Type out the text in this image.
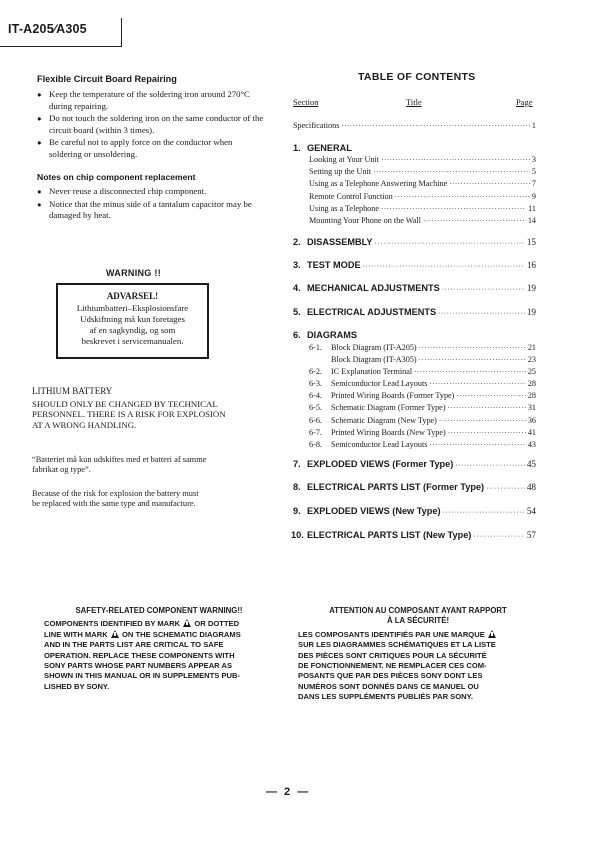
IT-A205∕A305
Flexible Circuit Board Repairing
● Keep the temperature of the soldering iron around 270°C during repairing.
● Do not touch the soldering iron on the same conductor of the circuit board (within 3 times).
● Be careful not to apply force on the conductor when soldering or unsoldering.
Notes on chip component replacement
● Never reuse a disconnected chip component.
● Notice that the minus side of a tantalum capacitor may be damaged by heat.
WARNING !!
ADVARSEL!
Lithiumbatteri–Eksplosionsfare
Udskiftning må kun foretages
af en sagkyndig, og som
beskrevet i servicemanualen.
LITHIUM BATTERY
SHOULD ONLY BE CHANGED BY TECHNICAL
PERSONNEL. THERE IS A RISK FOR EXPLOSION
AT A WRONG HANDLING.
“Batteriet må kun udskiftes med et batteri af samme
fabrikat og type”.
Because of the risk for explosion the battery must
be replaced with the same type and manufacture.
TABLE OF CONTENTS
Section	Title	Page
Specifications ·····	1
1. GENERAL
Looking at Your Unit ·····	3
Setting up the Unit ·····	5
Using as a Telephone Answering Machine ·····	7
Remote Control Function ·····	9
Using as a Telephone ·····	11
Mounting Your Phone on the Wall ·····	14
2. DISASSEMBLY ·····	15
3. TEST MODE ·····	16
4. MECHANICAL ADJUSTMENTS ·····	19
5. ELECTRICAL ADJUSTMENTS ·····	19
6. DIAGRAMS
6-1.	Block Diagram (IT-A205) ·····	21
Block Diagram (IT-A305) ·····	23
6-2.	IC Explanation Terminal ·····	25
6-3.	Semiconductor Lead Layouts ·····	28
6-4.	Printed Wiring Boards (Former Type) ·····	28
6-5.	Schematic Diagram (Former Type) ·····	31
6-6.	Schematic Diagram (New Type) ·····	36
6-7.	Printed Wiring Boards (New Type) ·····	41
6-8.	Semiconductor Lead Layouts ·····	43
7. EXPLODED VIEWS (Former Type) ·····	45
8. ELECTRICAL PARTS LIST (Former Type) ·····	48
9. EXPLODED VIEWS (New Type) ·····	54
10. ELECTRICAL PARTS LIST (New Type) ·····	57
SAFETY-RELATED COMPONENT WARNING!!
COMPONENTS IDENTIFIED BY MARK OR DOTTED
LINE WITH MARK ON THE SCHEMATIC DIAGRAMS
AND IN THE PARTS LIST ARE CRITICAL TO SAFE
OPERATION. REPLACE THESE COMPONENTS WITH
SONY PARTS WHOSE PART NUMBERS APPEAR AS
SHOWN IN THIS MANUAL OR IN SUPPLEMENTS PUB-
LISHED BY SONY.
ATTENTION AU COMPOSANT AYANT RAPPORT
À LA SÉCURITÉ!
LES COMPOSANTS IDENTIFIÉS PAR UNE MARQUE
SUR LES DIAGRAMMES SCHÉMATIQUES ET LA LISTE
DES PIÈCES SONT CRITIQUES POUR LA SÉCURITÉ
DE FONCTIONNEMENT. NE REMPLACER CES COM-
POSANTS QUE PAR DES PIÈCES SONY DONT LES
NUMÉROS SONT DONNÉS DANS CE MANUEL OU
DANS LES SUPPLÉMENTS PUBLIÉS PAR SONY.
— 2 —
